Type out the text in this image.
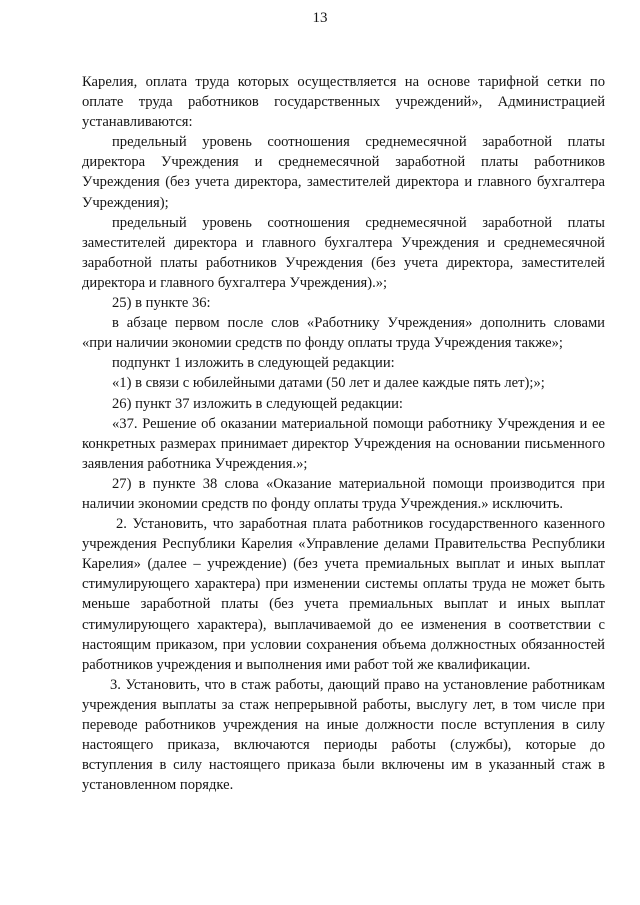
13

Карелия, оплата труда которых осуществляется на основе тарифной сетки по оплате труда работников государственных учреждений», Администрацией устанавливаются:

предельный уровень соотношения среднемесячной заработной платы директора Учреждения и среднемесячной заработной платы работников Учреждения (без учета директора, заместителей директора и главного бухгалтера Учреждения);

предельный уровень соотношения среднемесячной заработной платы заместителей директора и главного бухгалтера Учреждения и среднемесячной заработной платы работников Учреждения (без учета директора, заместителей директора и главного бухгалтера Учреждения).»;

25) в пункте 36:

в абзаце первом после слов «Работнику Учреждения» дополнить словами «при наличии экономии средств по фонду оплаты труда Учреждения также»;

подпункт 1 изложить в следующей редакции:

«1) в связи с юбилейными датами (50 лет и далее каждые пять лет);»;

26) пункт 37 изложить в следующей редакции:

«37. Решение об оказании материальной помощи работнику Учреждения и ее конкретных размерах принимает директор Учреждения на основании письменного заявления работника Учреждения.»;

27) в пункте 38 слова «Оказание материальной помощи производится при наличии экономии средств по фонду оплаты труда Учреждения.» исключить.

2. Установить, что заработная плата работников государственного казенного учреждения Республики Карелия «Управление делами Правительства Республики Карелия» (далее – учреждение) (без учета премиальных выплат и иных выплат стимулирующего характера) при изменении системы оплаты труда не может быть меньше заработной платы (без учета премиальных выплат и иных выплат стимулирующего характера), выплачиваемой до ее изменения в соответствии с настоящим приказом, при условии сохранения объема должностных обязанностей работников учреждения и выполнения ими работ той же квалификации.

3. Установить, что в стаж работы, дающий право на установление работникам учреждения выплаты за стаж непрерывной работы, выслугу лет, в том числе при переводе работников учреждения на иные должности после вступления в силу настоящего приказа, включаются периоды работы (службы), которые до вступления в силу настоящего приказа были включены им в указанный стаж в установленном порядке.
